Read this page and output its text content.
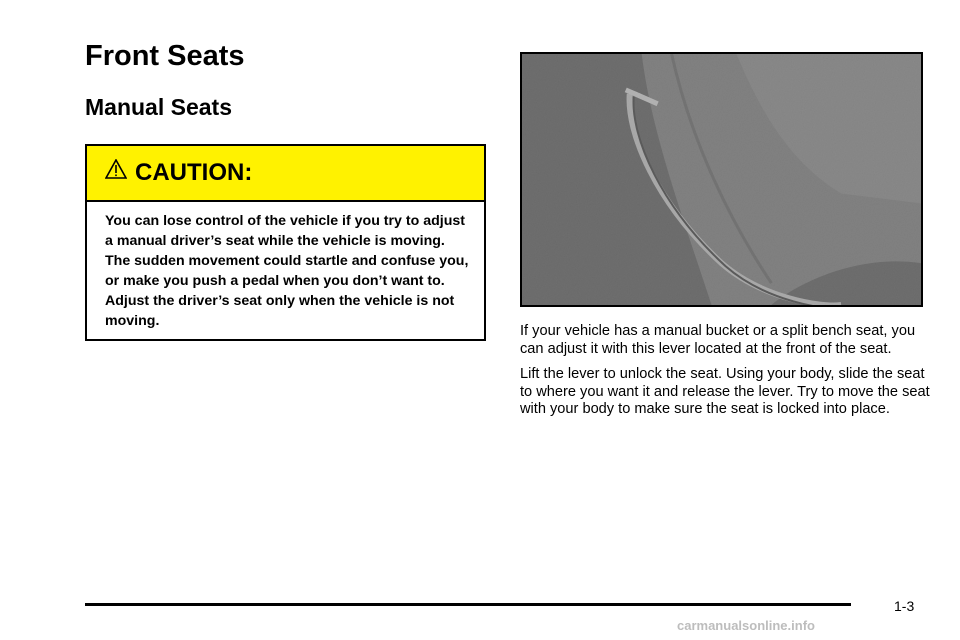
Front Seats
Manual Seats
CAUTION:
You can lose control of the vehicle if you try to adjust a manual driver’s seat while the vehicle is moving. The sudden movement could startle and confuse you, or make you push a pedal when you don’t want to. Adjust the driver’s seat only when the vehicle is not moving.

If your vehicle has a manual bucket or a split bench seat, you can adjust it with this lever located at the front of the seat.

Lift the lever to unlock the seat. Using your body, slide the seat to where you want it and release the lever. Try to move the seat with your body to make sure the seat is locked into place.

1-3
carmanualsonline.info
